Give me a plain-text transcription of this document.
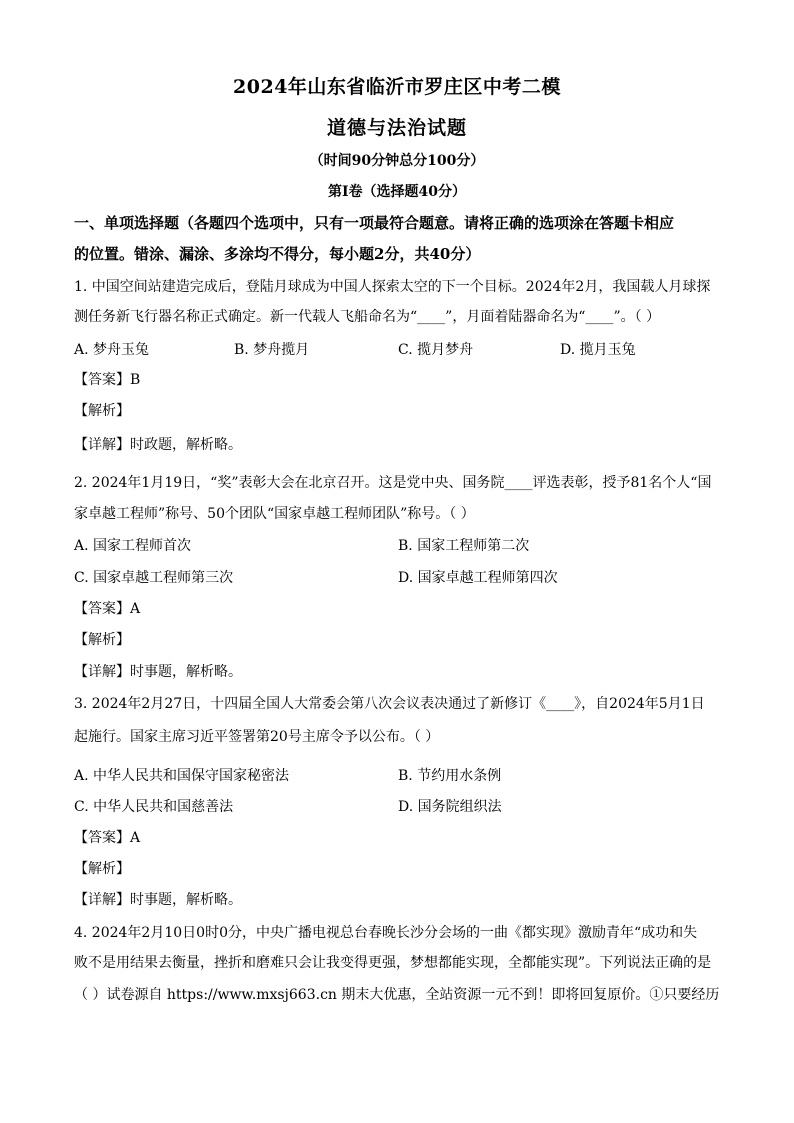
2024年山东省临沂市罗庄区中考二模
道德与法治试题
（时间90分钟总分100分）
第I卷（选择题40分）
一、单项选择题（各题四个选项中，只有一项最符合题意。请将正确的选项涂在答题卡相应
的位置。错涂、漏涂、多涂均不得分，每小题2分，共40分）
1. 中国空间站建造完成后，登陆月球成为中国人探索太空的下一个目标。2024年2月，我国载人月球探
测任务新飞行器名称正式确定。新一代载人飞船命名为“____”，月面着陆器命名为“____”。（ ）
A. 梦舟玉兔	B. 梦舟揽月	C. 揽月梦舟	D. 揽月玉兔
【答案】B
【解析】
【详解】时政题，解析略。
2. 2024年1月19日，“奖”表彰大会在北京召开。这是党中央、国务院____评选表彰，授予81名个人“国
家卓越工程师”称号、50个团队“国家卓越工程师团队”称号。（ ）
A. 国家工程师首次	B. 国家工程师第二次
C. 国家卓越工程师第三次	D. 国家卓越工程师第四次
【答案】A
【解析】
【详解】时事题，解析略。
3. 2024年2月27日，十四届全国人大常委会第八次会议表决通过了新修订《____》，自2024年5月1日
起施行。国家主席习近平签署第20号主席令予以公布。（ ）
A. 中华人民共和国保守国家秘密法	B. 节约用水条例
C. 中华人民共和国慈善法	D. 国务院组织法
【答案】A
【解析】
【详解】时事题，解析略。
4. 2024年2月10日0时0分，中央广播电视总台春晚长沙分会场的一曲《都实现》激励青年“成功和失
败不是用结果去衡量，挫折和磨难只会让我变得更强，梦想都能实现，全都能实现”。下列说法正确的是
（ ）试卷源自 https://www.mxsj663.cn 期末大优惠，全站资源一元不到！即将回复原价。①只要经历
